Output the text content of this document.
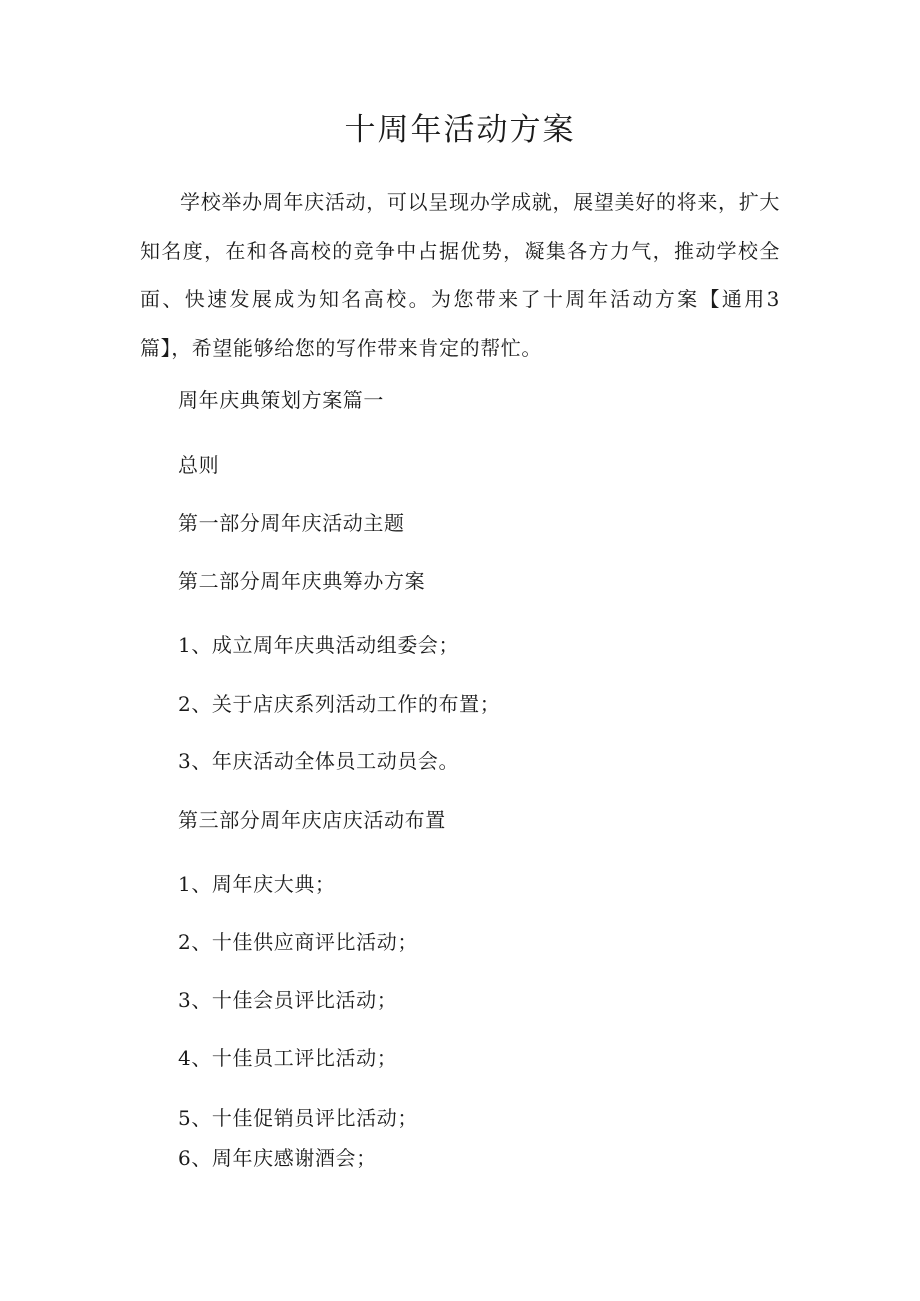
十周年活动方案

学校举办周年庆活动，可以呈现办学成就，展望美好的将来，扩大知名度，在和各高校的竞争中占据优势，凝集各方力气，推动学校全面、快速发展成为知名高校。为您带来了十周年活动方案【通用3篇】，希望能够给您的写作带来肯定的帮忙。

周年庆典策划方案篇一

总则

第一部分周年庆活动主题

第二部分周年庆典筹办方案

1、成立周年庆典活动组委会；

2、关于店庆系列活动工作的布置；

3、年庆活动全体员工动员会。

第三部分周年庆店庆活动布置

1、周年庆大典；

2、十佳供应商评比活动；

3、十佳会员评比活动；

4、十佳员工评比活动；

5、十佳促销员评比活动；

6、周年庆感谢酒会；
